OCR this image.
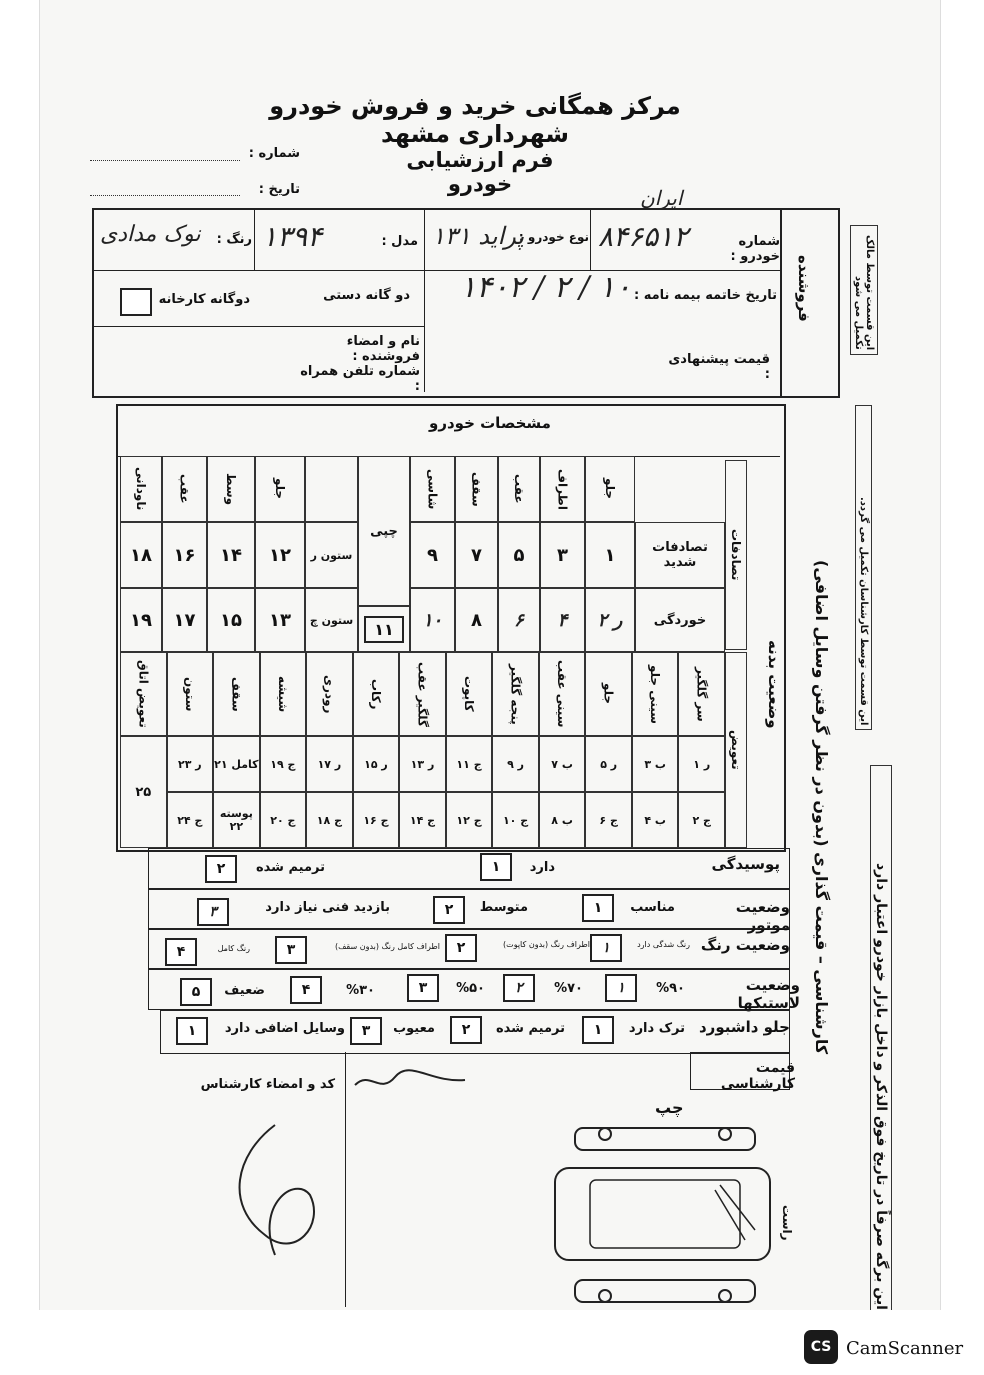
مرکز همگانی خرید و فروش خودرو شهرداری مشهد
فرم ارزشیابی خودرو
شماره :
تاریخ :
فروشنده	این قسمت توسط مالک تکمیل می شود
شماره خودرو :
۸۴۶۵۱۲
ایران
نوع خودرو :
پراید ۱۳۱
مدل :
۱۳۹۴
رنگ :
نوک مدادی
تاریخ خاتمه بیمه نامه :
۱۴۰۲ / ۲ / ۱۰
دو گانه دستی
دوگانه کارخانه
نام و امضاء فروشنده :
شماره تلفن همراه :
قیمت پیشنهادی :
مشخصات خودرو
وضعیت بدنه	این قسمت توسط کارشناسان تکمیل می گردد.
کارشناسی – قیمت گذاری (بدون در نظر گرفتن وسایل اضافی)
این برگه صرفاً در تاریخ فوق الذکر و داخل بازار خودرو اعتبار دارد
تصادفات
جلو
اطراف
عقب
سقف
شاسی
چپی
تصادفات شدید
خوردگی
۱
۳
۵
۷
۹
ر ۲
۴
۶
۸
۱۰
۱۱
ستون ر
ستون چ
جلو
وسط
عقب
ناودانی
۱۲
۱۴
۱۶
۱۸
۱۳
۱۵
۱۷
۱۹
تعویض
سر گلگیر
ر ۱
ج ۲
سینی جلو
ب ۳
ب ۴
جلو
ر ۵
ج ۶
سینی عقب
ب ۷
ب ۸
پنجه گلگیر
ر ۹
ج ۱۰
کاپوت
ج ۱۱
ج ۱۲
گلگیر عقب
ر ۱۳
ج ۱۴
رکاب
ر ۱۵
ج ۱۶
رودری
ر ۱۷
ج ۱۸
شیشه
ج ۱۹
ج ۲۰
سقف
کامل ۲۱
پوسته ۲۲
ستون
ر ۲۳
ج ۲۴
تعویض اتاق
۲۵
پوسیدگی
دارد
۱
ترمیم شده
۲
وضعیت موتور
مناسب
۱
متوسط
۲
بازدید فنی نیاز دارد
۳
وضعیت رنگ
رنگ شدگی دارد
۱
اطراف رنگ (بدون کاپوت)
۲
اطراف کامل رنگ (بدون سقف)
۳
رنگ کامل
۴
وضعیت لاستیکها
%۹۰
۱
%۷۰
۲
%۵۰
۳
%۳۰
۴
ضعیف
۵
جلو داشبورد
ترک دارد
۱
ترمیم شده
۲
معیوب
۳
وسایل اضافی دارد
۱
قیمت کارشناسی
کد و امضاء کارشناس
چپ
راست
CS CamScanner
